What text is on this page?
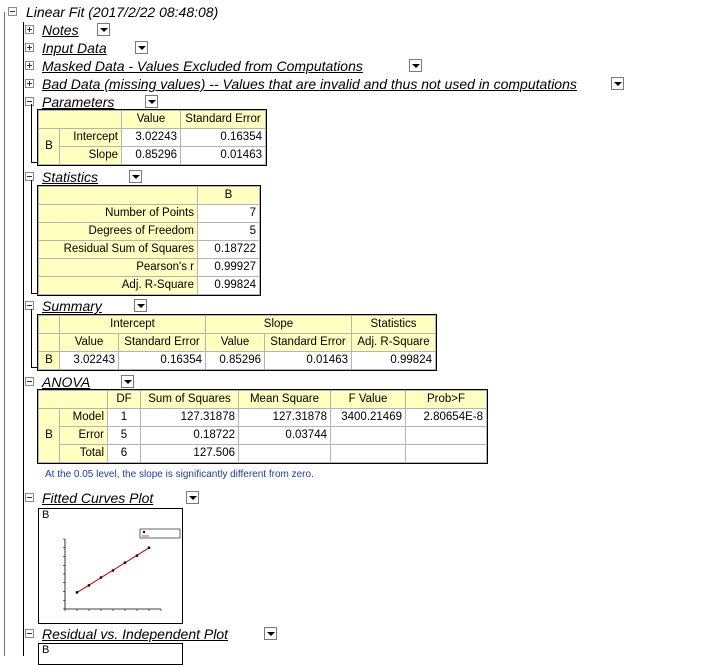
Linear Fit (2017/2/22 08:48:08)
Notes
Input Data
Masked Data - Values Excluded from Computations
Bad Data (missing values) -- Values that are invalid and thus not used in computations
Parameters
		Value	Standard Error
B	Intercept	3.02243	0.16354
	Slope	0.85296	0.01463
Statistics
	B
Number of Points	7
Degrees of Freedom	5
Residual Sum of Squares	0.18722
Pearson's r	0.99927
Adj. R-Square	0.99824
Summary
	Intercept		Slope		Statistics
	Value	Standard Error	Value	Standard Error	Adj. R-Square
B	3.02243	0.16354	0.85296	0.01463	0.99824
ANOVA
		DF	Sum of Squares	Mean Square	F Value	Prob>F
B	Model	1	127.31878	127.31878	3400.21469	2.80654E-8
	Error	5	0.18722	0.03744		
	Total	6	127.506			
At the 0.05 level, the slope is significantly different from zero.
Fitted Curves Plot
B
Residual vs. Independent Plot
B
